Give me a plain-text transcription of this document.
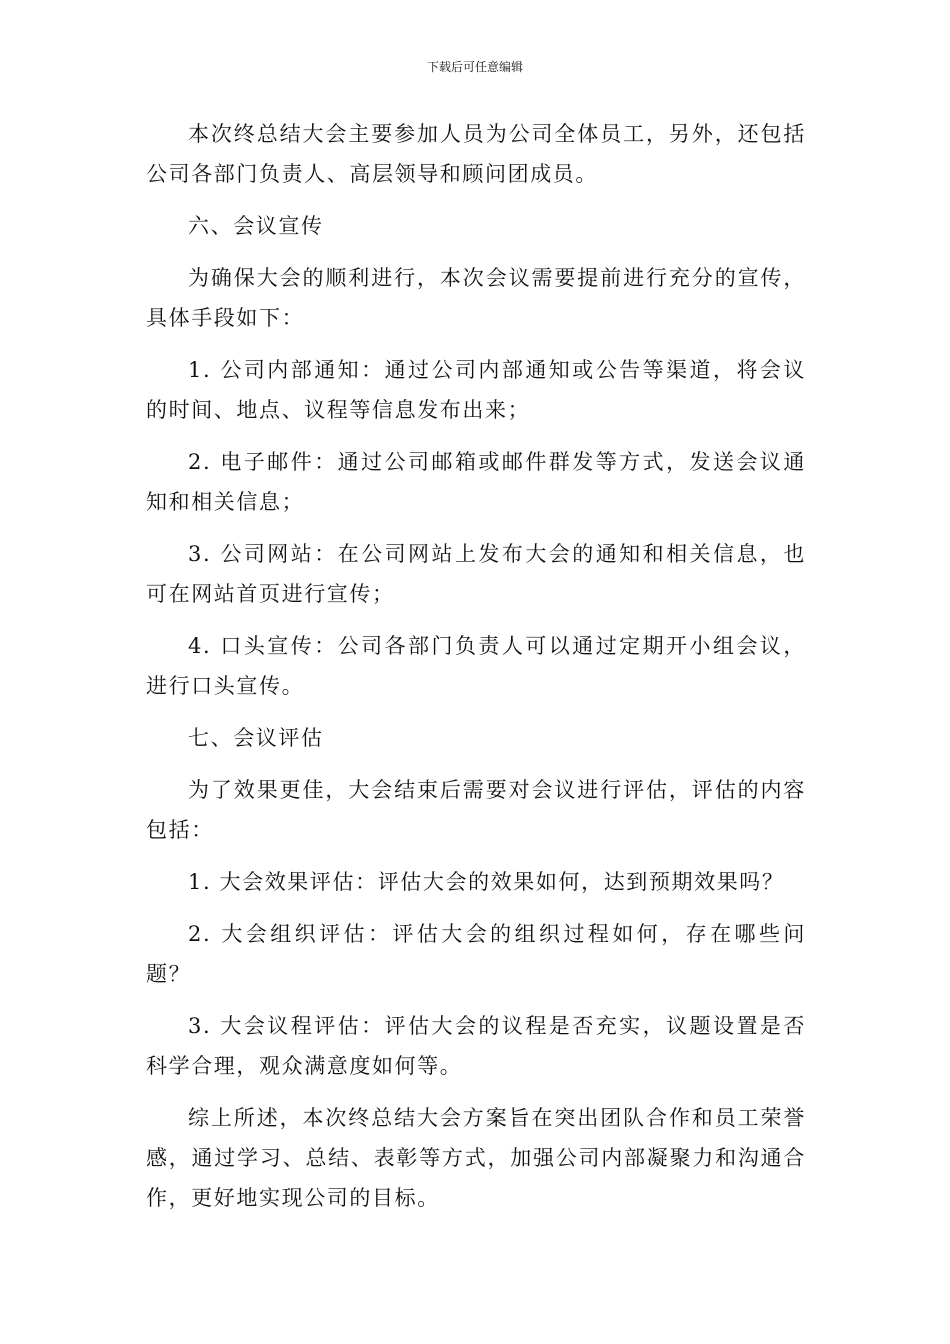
下载后可任意编辑

本次终总结大会主要参加人员为公司全体员工，另外，还包括公司各部门负责人、高层领导和顾问团成员。

六、会议宣传

为确保大会的顺利进行，本次会议需要提前进行充分的宣传，具体手段如下：

1. 公司内部通知：通过公司内部通知或公告等渠道，将会议的时间、地点、议程等信息发布出来；

2. 电子邮件：通过公司邮箱或邮件群发等方式，发送会议通知和相关信息；

3. 公司网站：在公司网站上发布大会的通知和相关信息，也可在网站首页进行宣传；

4. 口头宣传：公司各部门负责人可以通过定期开小组会议，进行口头宣传。

七、会议评估

为了效果更佳，大会结束后需要对会议进行评估，评估的内容包括：

1. 大会效果评估：评估大会的效果如何，达到预期效果吗？

2. 大会组织评估：评估大会的组织过程如何，存在哪些问题？

3. 大会议程评估：评估大会的议程是否充实，议题设置是否科学合理，观众满意度如何等。

综上所述，本次终总结大会方案旨在突出团队合作和员工荣誉感，通过学习、总结、表彰等方式，加强公司内部凝聚力和沟通合作，更好地实现公司的目标。
